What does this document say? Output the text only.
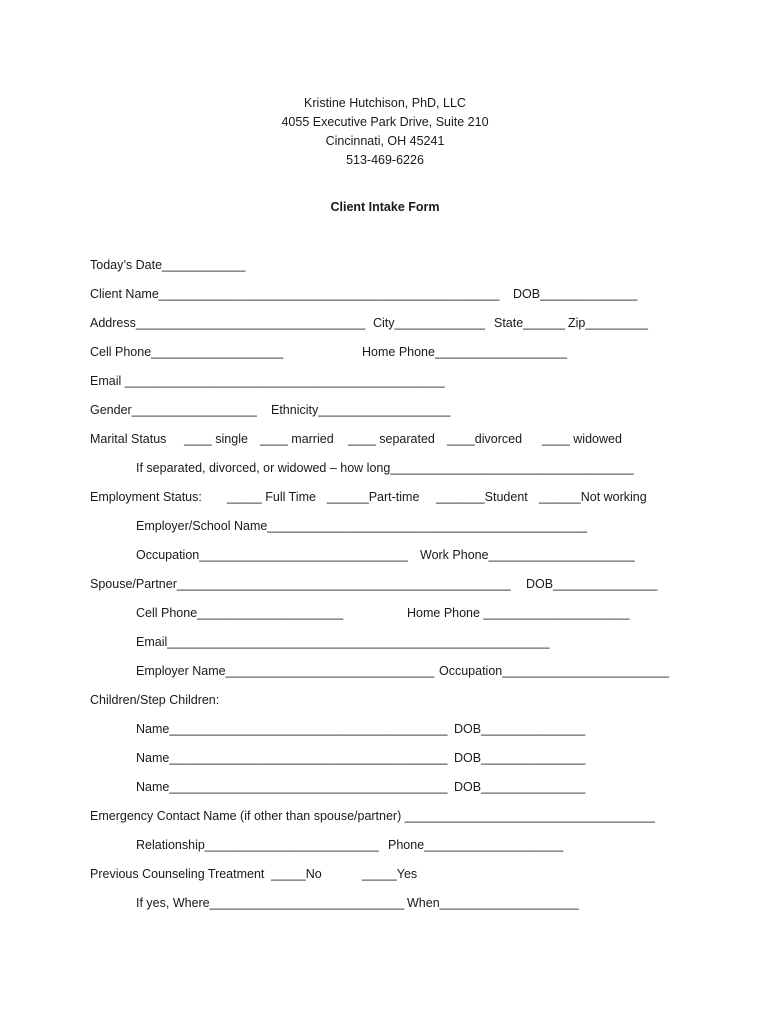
Kristine Hutchison, PhD, LLC
4055 Executive Park Drive, Suite 210
Cincinnati, OH 45241
513-469-6226
Client Intake Form
Today’s Date____________
Client Name_________________________________________________ DOB______________
Address_________________________________ City_____________ State______ Zip_________
Cell Phone___________________	Home Phone___________________
Email ______________________________________________
Gender__________________ Ethnicity___________________
Marital Status ____ single ____ married ____ separated ____divorced ____ widowed
If separated, divorced, or widowed – how long___________________________________
Employment Status: _____ Full Time ______Part-time _______Student ______Not working
Employer/School Name______________________________________________
Occupation______________________________ Work Phone_____________________
Spouse/Partner________________________________________________ DOB_______________
Cell Phone_____________________	Home Phone _____________________
Email_______________________________________________________
Employer Name______________________________ Occupation________________________
Children/Step Children:
Name________________________________________ DOB_______________
Name________________________________________ DOB_______________
Name________________________________________ DOB_______________
Emergency Contact Name (if other than spouse/partner) ____________________________________
Relationship_________________________ Phone____________________
Previous Counseling Treatment _____No	_____Yes
If yes, Where____________________________ When____________________
